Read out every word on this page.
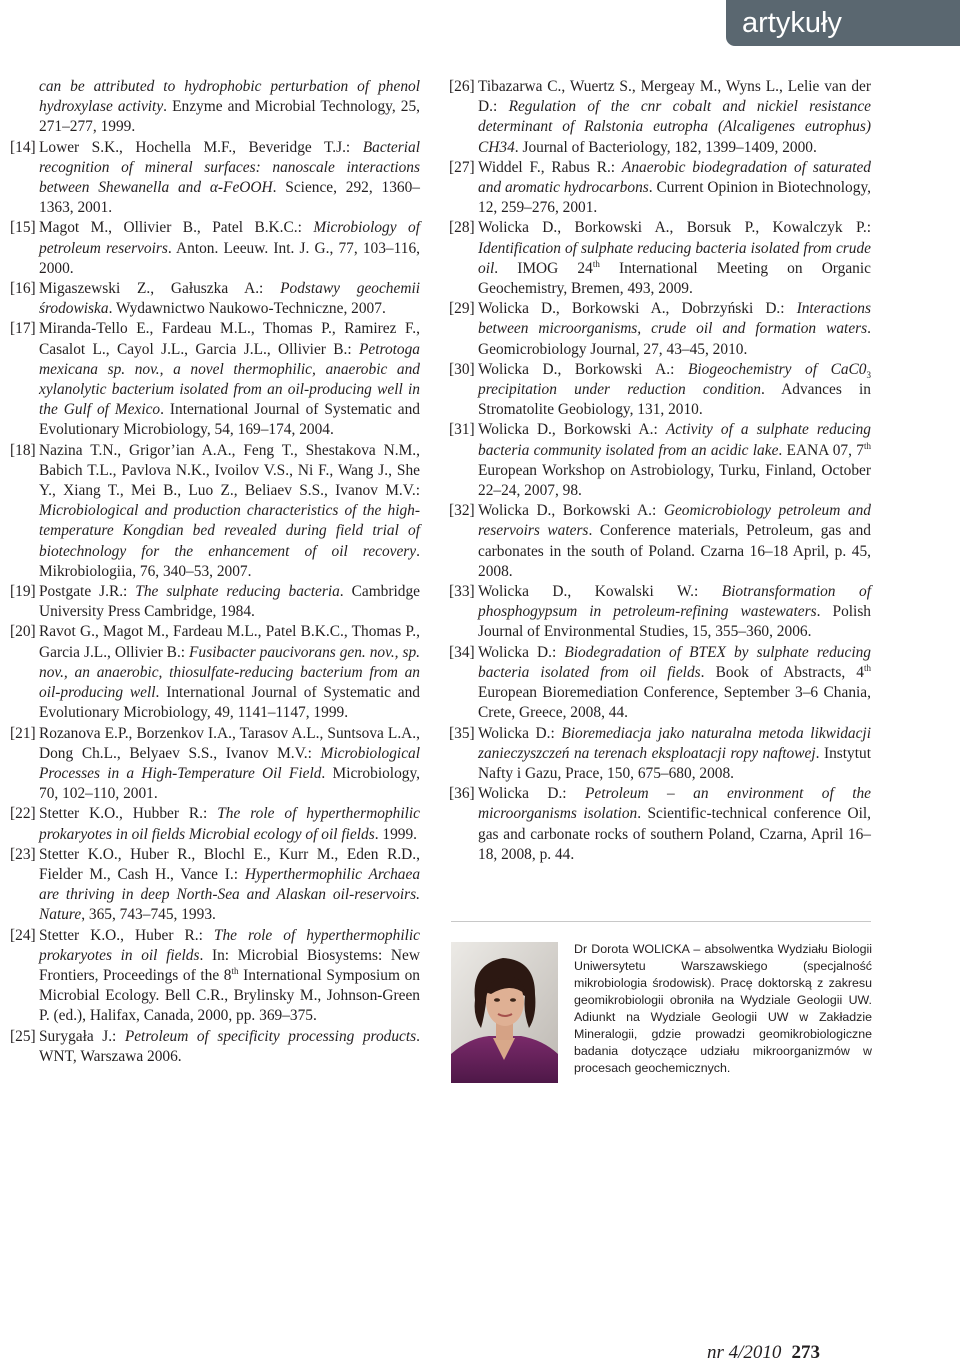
artykuły
can be attributed to hydrophobic perturbation of phenol hydroxylase activity. Enzyme and Microbial Technology, 25, 271–277, 1999.
[14] Lower S.K., Hochella M.F., Beveridge T.J.: Bacterial recognition of mineral surfaces: nanoscale interactions between Shewanella and α-FeOOH. Science, 292, 1360–1363, 2001.
[15] Magot M., Ollivier B., Patel B.K.C.: Microbiology of petroleum reservoirs. Anton. Leeuw. Int. J. G., 77, 103–116, 2000.
[16] Migaszewski Z., Gałuszka A.: Podstawy geochemii środowiska. Wydawnictwo Naukowo-Techniczne, 2007.
[17] Miranda-Tello E., Fardeau M.L., Thomas P., Ramirez F., Casalot L., Cayol J.L., Garcia J.L., Ollivier B.: Petrotoga mexicana sp. nov., a novel thermophilic, anaerobic and xylanolytic bacterium isolated from an oil-producing well in the Gulf of Mexico. International Journal of Systematic and Evolutionary Microbiology, 54, 169–174, 2004.
[18] Nazina T.N., Grigor’ian A.A., Feng T., Shestakova N.M., Babich T.L., Pavlova N.K., Ivoilov V.S., Ni F., Wang J., She Y., Xiang T., Mei B., Luo Z., Beliaev S.S., Ivanov M.V.: Microbiological and production characteristics of the high-temperature Kongdian bed revealed during field trial of biotechnology for the enhancement of oil recovery. Mikrobiologiia, 76, 340–53, 2007.
[19] Postgate J.R.: The sulphate reducing bacteria. Cambridge University Press Cambridge, 1984.
[20] Ravot G., Magot M., Fardeau M.L., Patel B.K.C., Thomas P., Garcia J.L., Ollivier B.: Fusibacter paucivorans gen. nov., sp. nov., an anaerobic, thiosulfate-reducing bacterium from an oil-producing well. International Journal of Systematic and Evolutionary Microbiology, 49, 1141–1147, 1999.
[21] Rozanova E.P., Borzenkov I.A., Tarasov A.L., Suntsova L.A., Dong Ch.L., Belyaev S.S., Ivanov M.V.: Microbiological Processes in a High-Temperature Oil Field. Microbiology, 70, 102–110, 2001.
[22] Stetter K.O., Hubber R.: The role of hyperthermophilic prokaryotes in oil fields Microbial ecology of oil fields. 1999.
[23] Stetter K.O., Huber R., Blochl E., Kurr M., Eden R.D., Fielder M., Cash H., Vance I.: Hyperthermophilic Archaea are thriving in deep North-Sea and Alaskan oil-reservoirs. Nature, 365, 743–745, 1993.
[24] Stetter K.O., Huber R.: The role of hyperthermophilic prokaryotes in oil fields. In: Microbial Biosystems: New Frontiers, Proceedings of the 8th International Symposium on Microbial Ecology. Bell C.R., Brylinsky M., Johnson-Green P. (ed.), Halifax, Canada, 2000, pp. 369–375.
[25] Surygała J.: Petroleum of specificity processing products. WNT, Warszawa 2006.
[26] Tibazarwa C., Wuertz S., Mergeay M., Wyns L., Lelie van der D.: Regulation of the cnr cobalt and nickiel resistance determinant of Ralstonia eutropha (Alcaligenes eutrophus) CH34. Journal of Bacteriology, 182, 1399–1409, 2000.
[27] Widdel F., Rabus R.: Anaerobic biodegradation of saturated and aromatic hydrocarbons. Current Opinion in Biotechnology, 12, 259–276, 2001.
[28] Wolicka D., Borkowski A., Borsuk P., Kowalczyk P.: Identification of sulphate reducing bacteria isolated from crude oil. IMOG 24th International Meeting on Organic Geochemistry, Bremen, 493, 2009.
[29] Wolicka D., Borkowski A., Dobrzyński D.: Interactions between microorganisms, crude oil and formation waters. Geomicrobiology Journal, 27, 43–45, 2010.
[30] Wolicka D., Borkowski A.: Biogeochemistry of $CaC0_3$ precipitation under reduction condition. Advances in Stromatolite Geobiology, 131, 2010.
[31] Wolicka D., Borkowski A.: Activity of a sulphate reducing bacteria community isolated from an acidic lake. EANA 07, 7th European Workshop on Astrobiology, Turku, Finland, October 22–24, 2007, 98.
[32] Wolicka D., Borkowski A.: Geomicrobiology petroleum and reservoirs waters. Conference materials, Petroleum, gas and carbonates in the south of Poland. Czarna 16–18 April, p. 45, 2008.
[33] Wolicka D., Kowalski W.: Biotransformation of phosphogypsum in petroleum-refining wastewaters. Polish Journal of Environmental Studies, 15, 355–360, 2006.
[34] Wolicka D.: Biodegradation of BTEX by sulphate reducing bacteria isolated from oil fields. Book of Abstracts, 4th European Bioremediation Conference, September 3–6 Chania, Crete, Greece, 2008, 44.
[35] Wolicka D.: Bioremediacja jako naturalna metoda likwidacji zanieczyszczeń na terenach eksploatacji ropy naftowej. Instytut Nafty i Gazu, Prace, 150, 675–680, 2008.
[36] Wolicka D.: Petroleum – an environment of the microorganisms isolation. Scientific-technical conference Oil, gas and carbonate rocks of southern Poland, Czarna, April 16–18, 2008, p. 44.
Dr Dorota WOLICKA – absolwentka Wydziału Biologii Uniwersytetu Warszawskiego (specjalność mikrobiologia środowisk). Pracę doktorską z zakresu geomikrobiologii obroniła na Wydziale Geologii UW. Adiunkt na Wydziale Geologii UW w Zakładzie Mineralogii, gdzie prowadzi geomikrobiologiczne badania dotyczące udziału mikroorganizmów w procesach geochemicznych.
nr 4/2010 273
